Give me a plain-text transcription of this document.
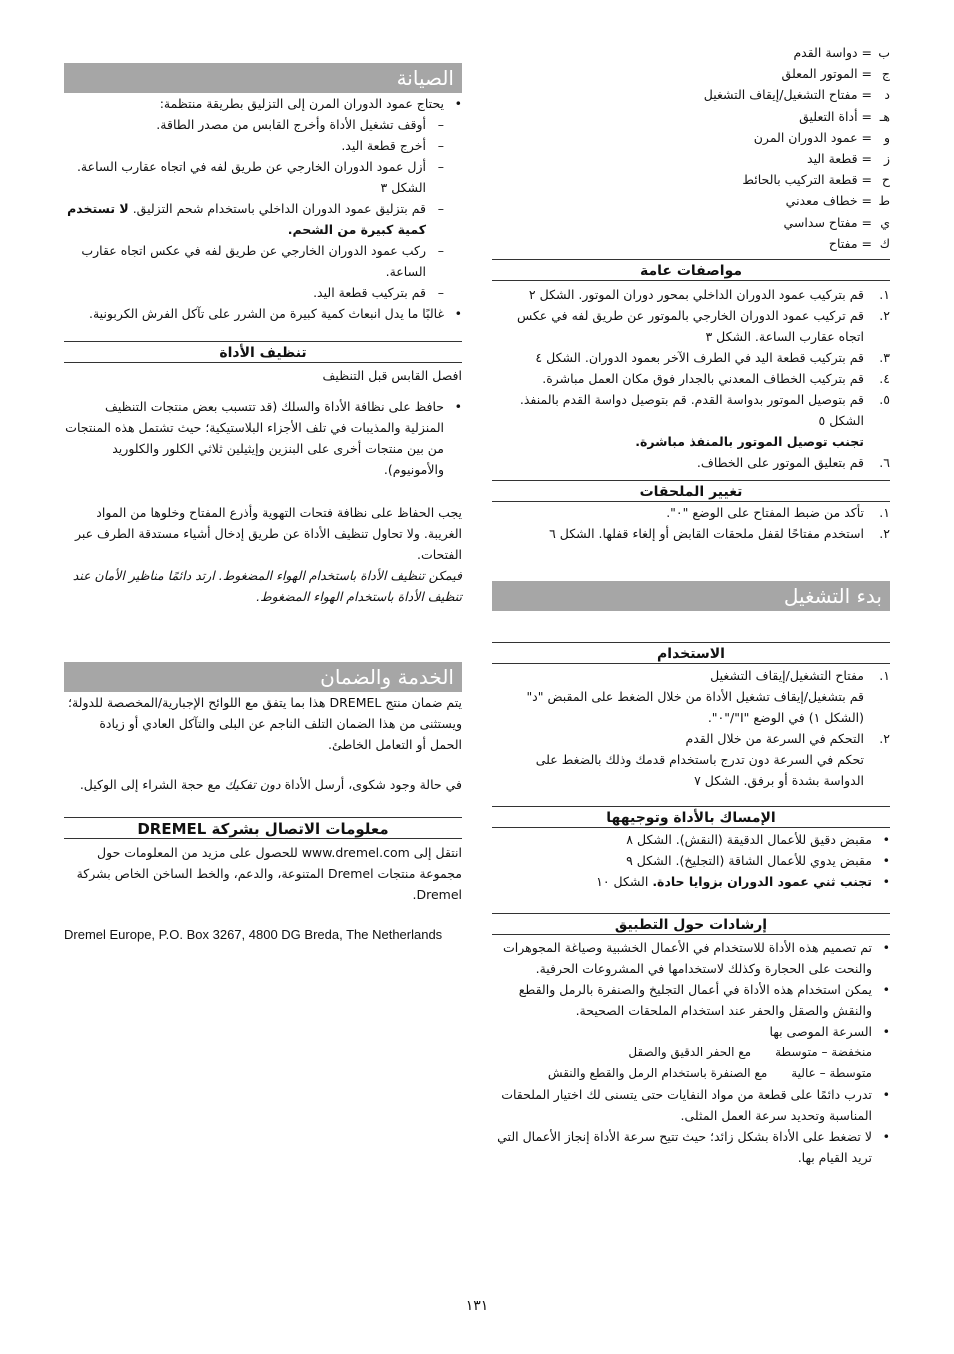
الصيانة
• يحتاج عمود الدوران المرن إلى التزليق بطريقة منتظمة:
– أوقف تشغيل الأداة وأخرج القابس من مصدر الطاقة.
– أخرج قطعة اليد.
– أزل عمود الدوران الخارجي عن طريق لفه في اتجاه عقارب الساعة. الشكل ٣
– قم بتزليق عمود الدوران الداخلي باستخدام شحم التزليق. لا تستخدم كمية كبيرة من الشحم.
– ركب عمود الدوران الخارجي عن طريق لفه في عكس اتجاه عقارب الساعة.
– قم بتركيب قطعة اليد.
• غالبًا ما يدل انبعاث كمية كبيرة من الشرر على تآكل الفرش الكربونية.
تنظيف الأداة
افصل القابس قبل التنظيف
• حافظ على نظافة الأداة والسلك (قد تتسبب بعض منتجات التنظيف المنزلية والمذيبات في تلف الأجزاء البلاستيكية؛ حيث تشتمل هذه المنتجات من بين منتجات أخرى على البنزين وإيثيلين ثلاثي الكلور والكلوريد والأمونيوم).
يجب الحفاظ على نظافة فتحات التهوية وأذرع المفتاح وخلوها من المواد الغريبة. ولا تحاول تنظيف الأداة عن طريق إدخال أشياء مستدقة الطرف عبر الفتحات.
فيمكن تنظيف الأداة باستخدام الهواء المضغوط. ارتد دائمًا مناظير الأمان عند تنظيف الأداة باستخدام الهواء المضغوط.
الخدمة والضمان
يتم ضمان منتج DREMEL هذا بما يتفق مع اللوائح الإجبارية/المخصصة للدولة؛ ويستثنى من هذا الضمان التلف الناجم عن البلى والتآكل العادي أو زيادة الحمل أو التعامل الخاطئ.
في حالة وجود شكوى، أرسل الأداة دون تفكيك مع حجة الشراء إلى الوكيل.
معلومات الاتصال بشركة DREMEL
انتقل إلى www.dremel.com للحصول على مزيد من المعلومات حول مجموعة منتجات Dremel المتنوعة، والدعم، والخط الساخن الخاص بشركة Dremel.
Dremel Europe, P.O. Box 3267, 4800 DG Breda, The Netherlands
ب = دواسة القدم
ج = الموتور المعلق
د = مفتاح التشغيل/إيقاف التشغيل
هـ = أداة التعليق
و = عمود الدوران المرن
ز = قطعة اليد
ح = قطعة التركيب بالحائط
ط = خطاف معدني
ي = مفتاح سداسي
ك = مفتاح
مواصفات عامة
١.
قم بتركيب عمود الدوران الداخلي بمحور دوران الموتور. الشكل ٢
٢.
قم تركيب عمود الدوران الخارجي بالموتور عن طريق لفه في عكس اتجاه عقارب الساعة. الشكل ٣
٣.
قم بتركيب قطعة اليد في الطرف الآخر بعمود الدوران. الشكل ٤
٤.
قم بتركيب الخطاف المعدني بالجدار فوق مكان العمل مباشرة.
٥.
قم بتوصيل الموتور بدواسة القدم. قم بتوصيل دواسة القدم بالمنفذ. الشكل ٥
تجنب توصيل الموتور بالمنفذ مباشرة.
٦.
قم بتعليق الموتور على الخطاف.
تغيير الملحقات
١.
تأكد من ضبط المفتاح على الوضع "٠".
٢.
استخدم مفتاحًا لقفل ملحقات القابض أو إلغاء قفلها. الشكل ٦
بدء التشغيل
الاستخدام
١.
مفتاح التشغيل/إيقاف التشغيل
قم بتشغيل/إيقاف تشغيل الأداة من خلال الضغط على المقبض "د" (الشكل ١) في الوضع "I"/"٠".
٢.
التحكم في السرعة من خلال القدم
تحكم في السرعة دون تدرج باستخدام قدمك وذلك بالضغط على الدواسة بشدة أو برفق. الشكل ٧
الإمساك بالأداة وتوجيهها
• مقبض دقيق للأعمال الدقيقة (النقش). الشكل ٨
• مقبض يدوي للأعمال الشاقة (التجليخ). الشكل ٩
• تجنب ثني عمود الدوران بزوايا حادة. الشكل ١٠
إرشادات حول التطبيق
• تم تصميم هذه الأداة للاستخدام في الأعمال الخشبية وصياغة المجوهرات والنحت على الحجارة وكذلك لاستخدامها في المشروعات الحرفية.
• يمكن استخدام هذه الأداة في أعمال التجليخ والصنفرة بالرمل والقطع والنقش والصقل والحفر عند استخدام الملحقات الصحيحة.
• السرعة الموصى بها
منخفضة – متوسطة
مع الحفر الدقيق والصقل
متوسطة – عالية
مع الصنفرة باستخدام الرمل والقطع والنقش
• تدرب دائمًا على قطعة من مواد النفايات حتى يتسنى لك اختيار الملحقات المناسبة وتحديد سرعة العمل المثلى.
• لا تضغط على الأداة بشكل زائد؛ حيث تتيح سرعة الأداة إنجاز الأعمال التي تريد القيام بها.
١٣١
